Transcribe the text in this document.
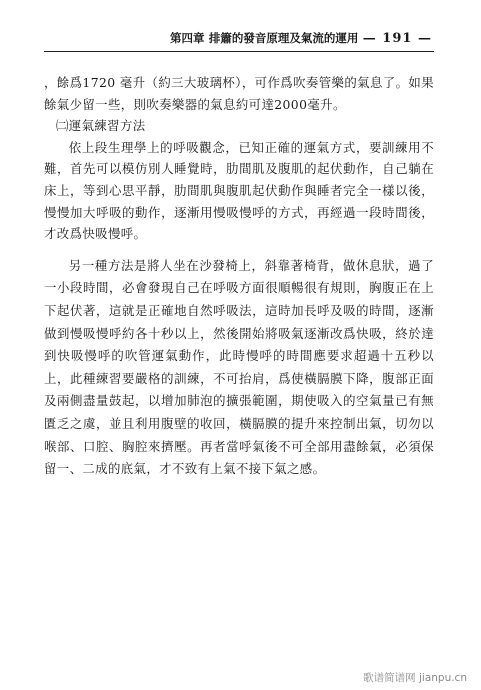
第四章 排簫的發音原理及氣流的運用 — 191 —

，餘爲1720 毫升（約三大玻璃杯），可作爲吹奏管樂的氣息了。如果餘氣少留一些，則吹奏樂器的氣息約可達2000毫升。

㈡運氣練習方法

依上段生理學上的呼吸觀念，已知正確的運氣方式，要訓練用不難，首先可以模仿別人睡覺時，肋間肌及腹肌的起伏動作，自己躺在床上，等到心思平靜，肋間肌與腹肌起伏動作與睡者完全一樣以後，慢慢加大呼吸的動作，逐漸用慢吸慢呼的方式，再經過一段時間後，才改爲快吸慢呼。

另一種方法是將人坐在沙發椅上，斜靠著椅背，做休息狀，過了一小段時間，必會發現自己在呼吸方面很順暢很有規則，胸腹正在上下起伏著，這就是正確地自然呼吸法，這時加長呼及吸的時間，逐漸做到慢吸慢呼約各十秒以上，然後開始將吸氣逐漸改爲快吸，終於達到快吸慢呼的吹管運氣動作，此時慢呼的時間應要求超過十五秒以上，此種練習要嚴格的訓練，不可抬肩，爲使橫膈膜下降，腹部正面及兩側盡量鼓起，以增加肺泡的擴張範圍，期使吸入的空氣量已有無匱乏之虞，並且利用腹壁的收回，橫膈膜的提升來控制出氣，切勿以喉部、口腔、胸腔來擠壓。再者當呼氣後不可全部用盡餘氣，必須保留一、二成的底氣，才不致有上氣不接下氣之感。

歌谱简谱网 jianpu.cn
